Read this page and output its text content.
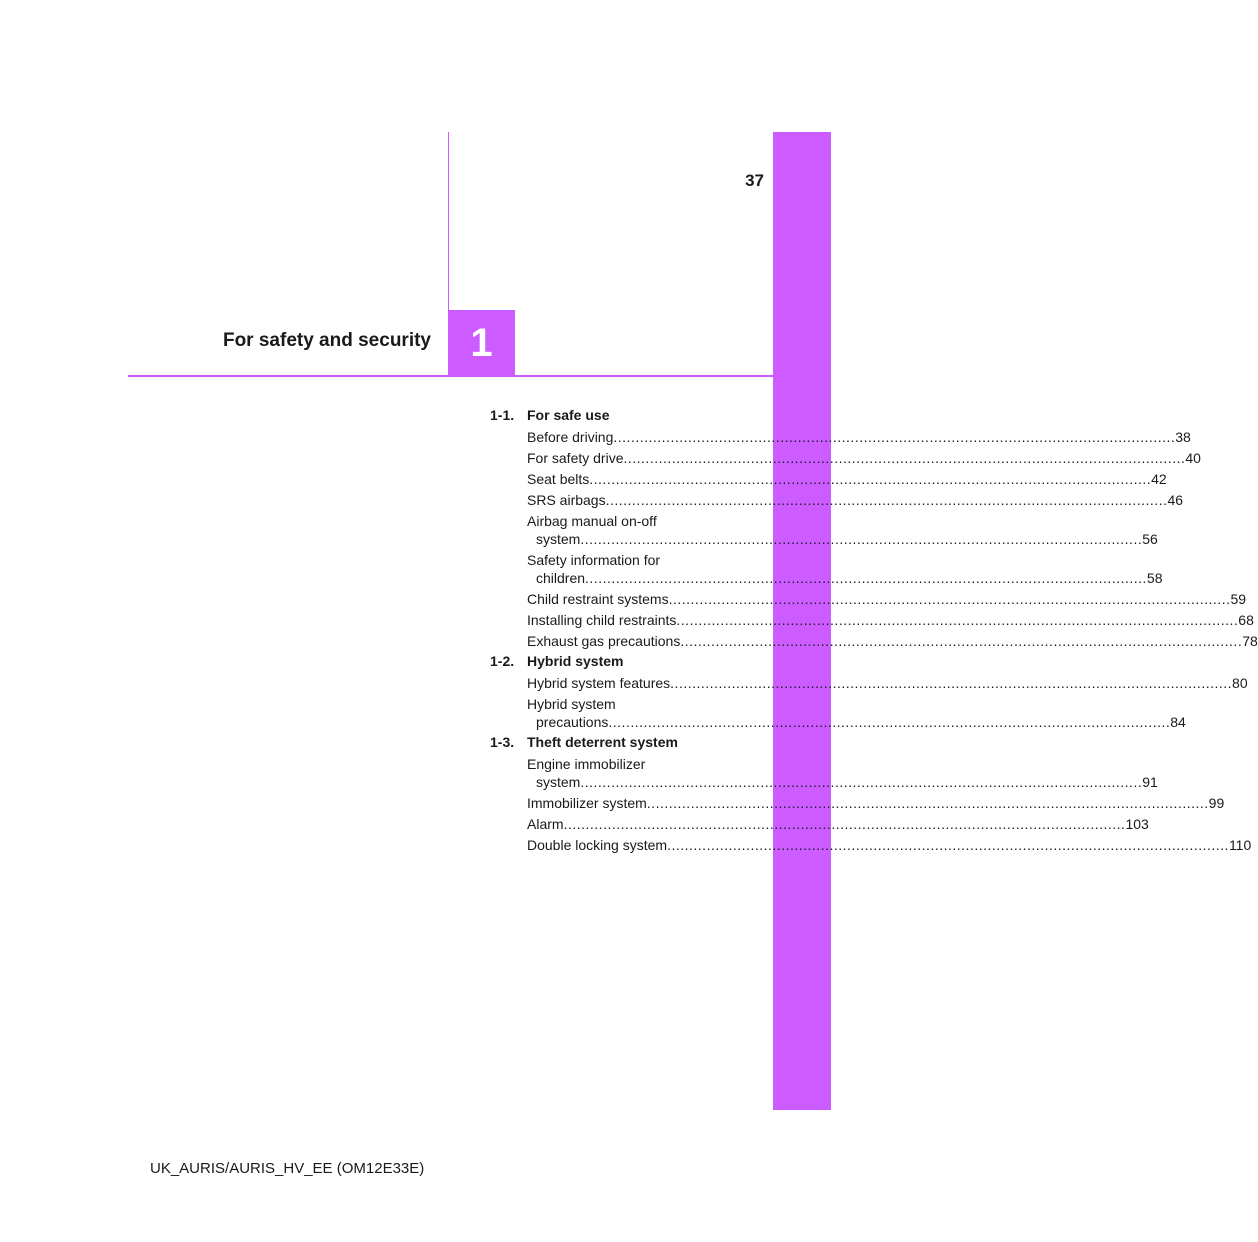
37
1
For safety and security
1-1. For safe use
Before driving .....	38
For safety drive .....	40
Seat belts .....	42
SRS airbags .....	46
Airbag manual on-off
system .....	56
Safety information for
children .....	58
Child restraint systems .....	59
Installing child restraints .....	68
Exhaust gas precautions .....	78
1-2. Hybrid system
Hybrid system features .....	80
Hybrid system
precautions .....	84
1-3. Theft deterrent system
Engine immobilizer
system .....	91
Immobilizer system .....	99
Alarm .....	103
Double locking system .....	110
UK_AURIS/AURIS_HV_EE (OM12E33E)
